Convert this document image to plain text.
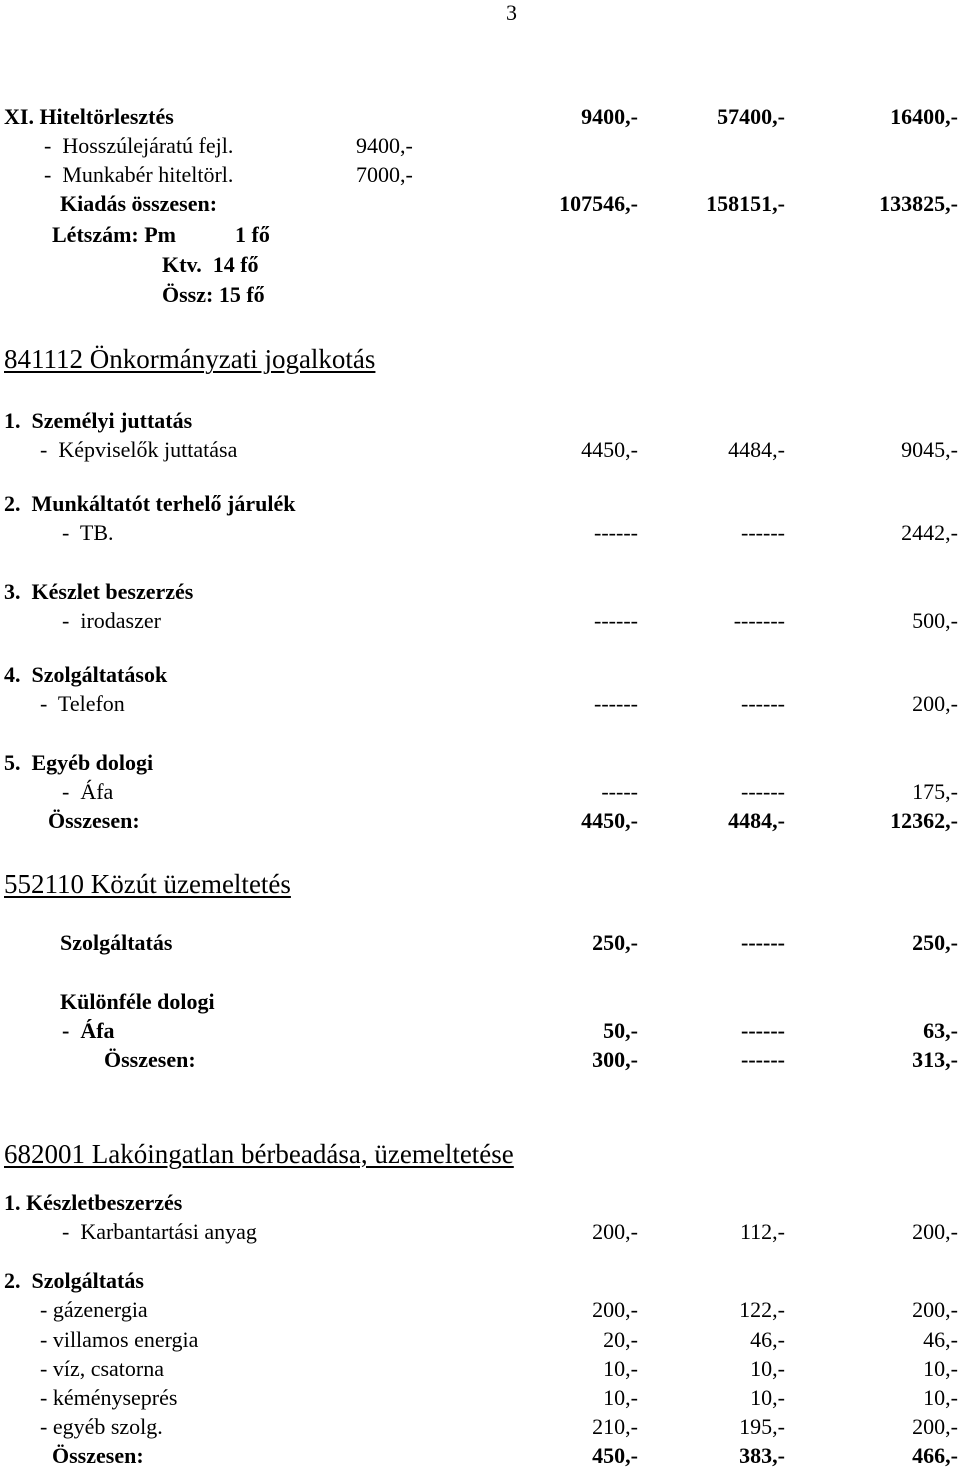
3
XI. Hiteltörlesztés	9400,-	57400,-	16400,-
-  Hosszúlejáratú fejl.	9400,-
-  Munkabér hiteltörl.	7000,-
Kiadás összesen:	107546,-	158151,-	133825,-
Létszám: Pm	1 fő
Ktv.  14 fő
Össz: 15 fő
841112 Önkormányzati jogalkotás
1.  Személyi juttatás
-  Képviselők juttatása	4450,-	4484,-	9045,-
2.  Munkáltatót terhelő járulék
-  TB.	------	------	2442,-
3.  Készlet beszerzés
-  irodaszer	------	-------	500,-
4.  Szolgáltatások
-  Telefon	------	------	200,-
5.  Egyéb dologi
-  Áfa	-----	------	175,-
Összesen:	4450,-	4484,-	12362,-
552110 Közút üzemeltetés
Szolgáltatás	250,-	------	250,-
Különféle dologi
-  Áfa	50,-	------	63,-
Összesen:	300,-	------	313,-
682001 Lakóingatlan bérbeadása, üzemeltetése
1. Készletbeszerzés
-  Karbantartási anyag	200,-	112,-	200,-
2.  Szolgáltatás
- gázenergia	200,-	122,-	200,-
- villamos energia	20,-	46,-	46,-
- víz, csatorna	10,-	10,-	10,-
- kéményseprés	10,-	10,-	10,-
- egyéb szolg.	210,-	195,-	200,-
Összesen:	450,-	383,-	466,-
